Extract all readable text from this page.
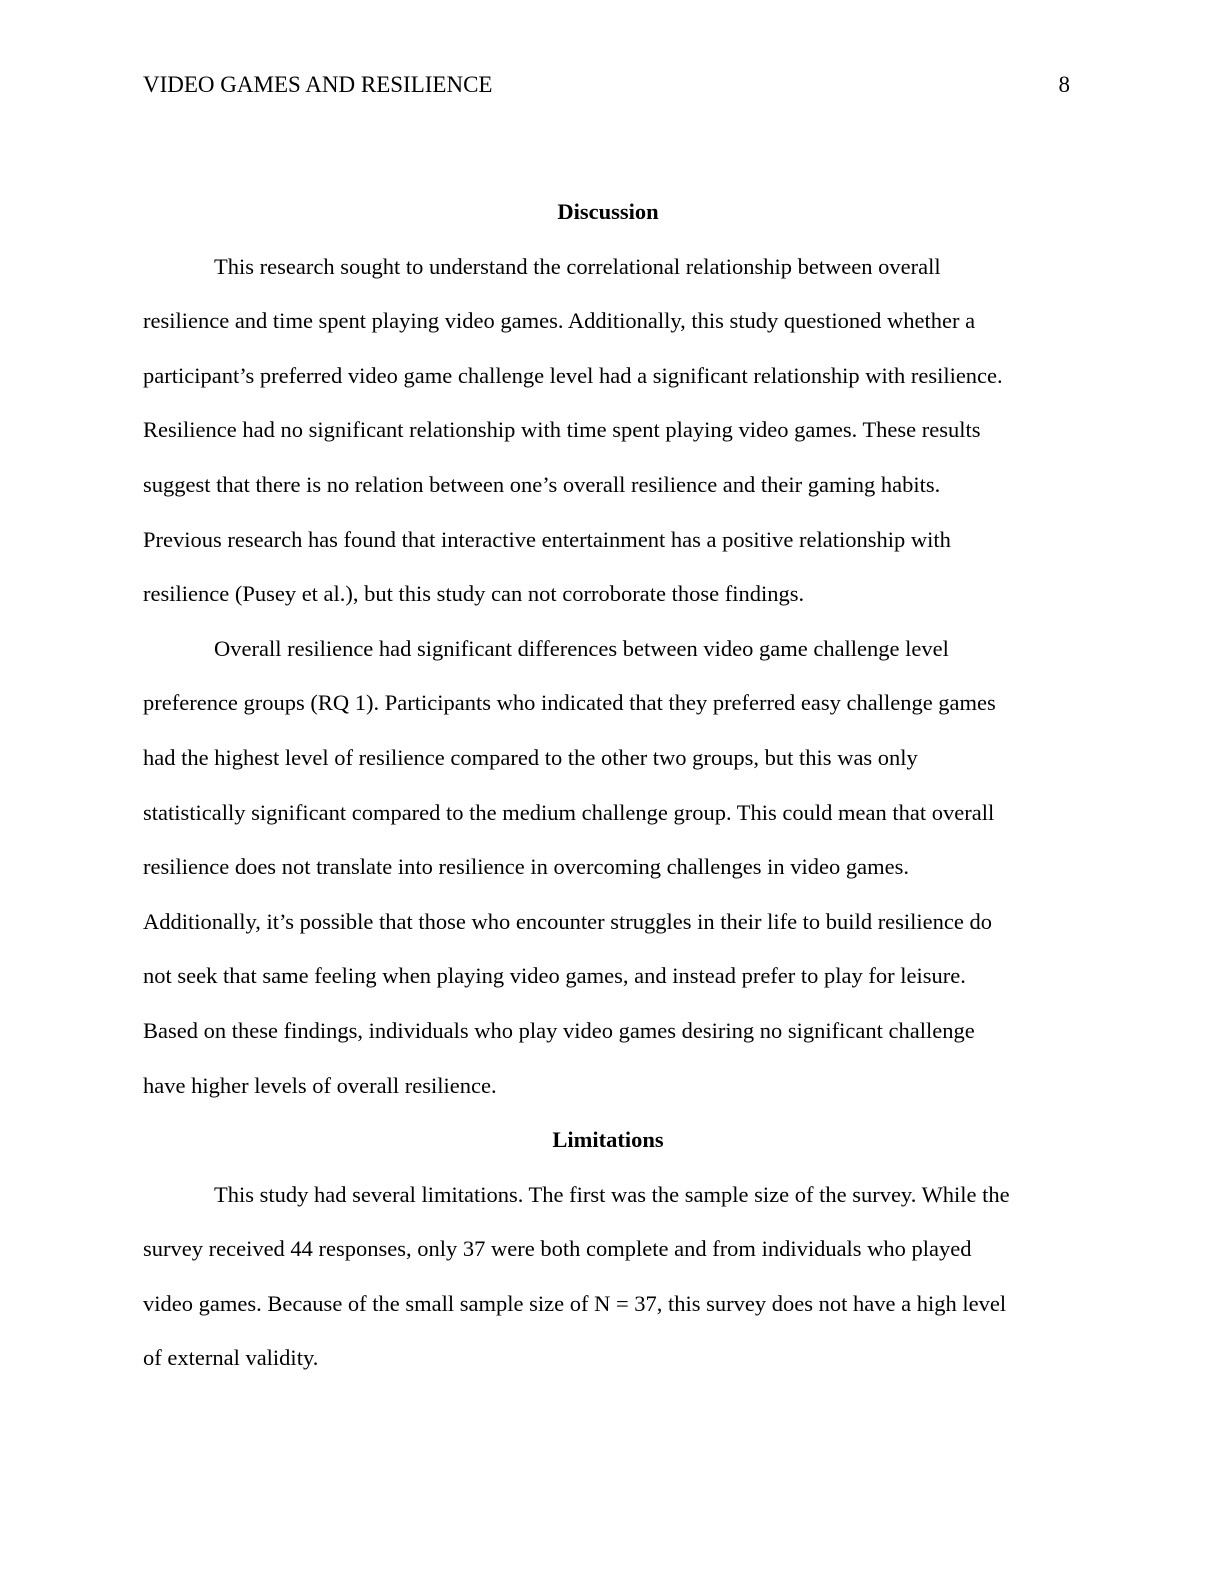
VIDEO GAMES AND RESILIENCE	8
Discussion

This research sought to understand the correlational relationship between overall
resilience and time spent playing video games. Additionally, this study questioned whether a
participant’s preferred video game challenge level had a significant relationship with resilience.
Resilience had no significant relationship with time spent playing video games. These results
suggest that there is no relation between one’s overall resilience and their gaming habits.
Previous research has found that interactive entertainment has a positive relationship with
resilience (Pusey et al.), but this study can not corroborate those findings.

Overall resilience had significant differences between video game challenge level
preference groups (RQ 1). Participants who indicated that they preferred easy challenge games
had the highest level of resilience compared to the other two groups, but this was only
statistically significant compared to the medium challenge group. This could mean that overall
resilience does not translate into resilience in overcoming challenges in video games.
Additionally, it’s possible that those who encounter struggles in their life to build resilience do
not seek that same feeling when playing video games, and instead prefer to play for leisure.
Based on these findings, individuals who play video games desiring no significant challenge
have higher levels of overall resilience.

Limitations

This study had several limitations. The first was the sample size of the survey. While the
survey received 44 responses, only 37 were both complete and from individuals who played
video games. Because of the small sample size of N = 37, this survey does not have a high level
of external validity.
